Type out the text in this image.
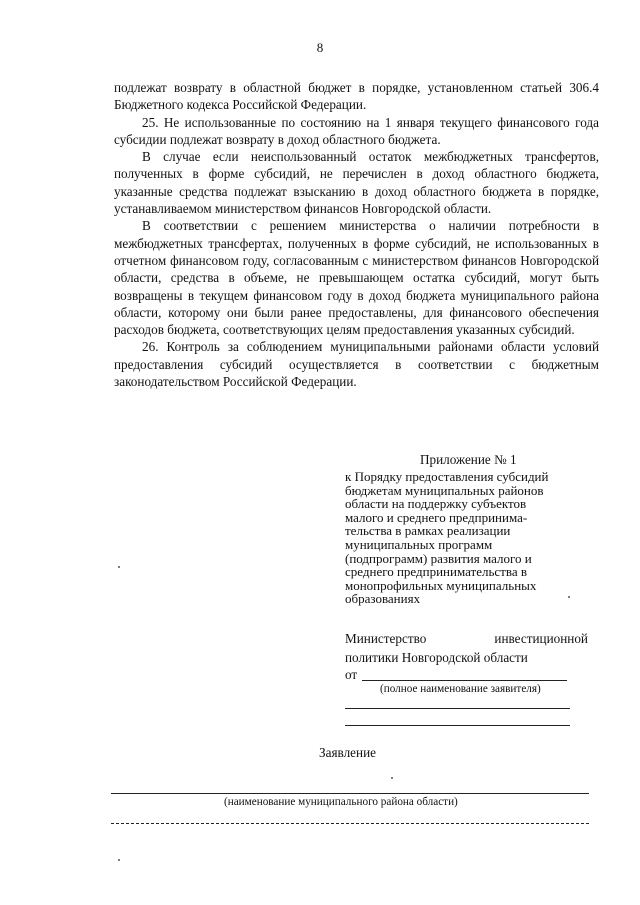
8

подлежат возврату в областной бюджет в порядке, установленном статьей 306.4 Бюджетного кодекса Российской Федерации.

25. Не использованные по состоянию на 1 января текущего финансового года субсидии подлежат возврату в доход областного бюджета.

В случае если неиспользованный остаток межбюджетных трансфертов, полученных в форме субсидий, не перечислен в доход областного бюджета, указанные средства подлежат взысканию в доход областного бюджета в порядке, устанавливаемом министерством финансов Новгородской области.

В соответствии с решением министерства о наличии потребности в межбюджетных трансфертах, полученных в форме субсидий, не использованных в отчетном финансовом году, согласованным с министерством финансов Новгородской области, средства в объеме, не превышающем остатка субсидий, могут быть возвращены в текущем финансовом году в доход бюджета муниципального района области, которому они были ранее предоставлены, для финансового обеспечения расходов бюджета, соответствующих целям предоставления указанных субсидий.

26. Контроль за соблюдением муниципальными районами области условий предоставления субсидий осуществляется в соответствии с бюджетным законодательством Российской Федерации.

Приложение № 1
к Порядку предоставления субсидий
бюджетам муниципальных районов
области на поддержку субъектов
малого и среднего предпринима-
тельства в рамках реализации
муниципальных программ
(подпрограмм) развития малого и
среднего предпринимательства в
монопрофильных муниципальных
образованиях
Министерство	инвестиционной
политики Новгородской области
от
(полное наименование заявителя)
Заявление
(наименование муниципального района области)
